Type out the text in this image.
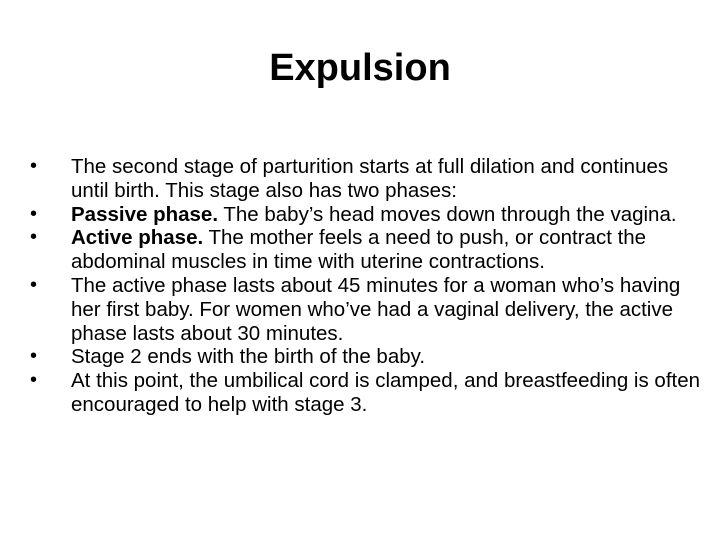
Expulsion
•	The second stage of parturition starts at full dilation and continues until birth. This stage also has two phases:
•	Passive phase. The baby’s head moves down through the vagina.
•	Active phase. The mother feels a need to push, or contract the abdominal muscles in time with uterine contractions.
•	The active phase lasts about 45 minutes for a woman who’s having her first baby. For women who’ve had a vaginal delivery, the active phase lasts about 30 minutes.
•	Stage 2 ends with the birth of the baby.
•	At this point, the umbilical cord is clamped, and breastfeeding is often encouraged to help with stage 3.
